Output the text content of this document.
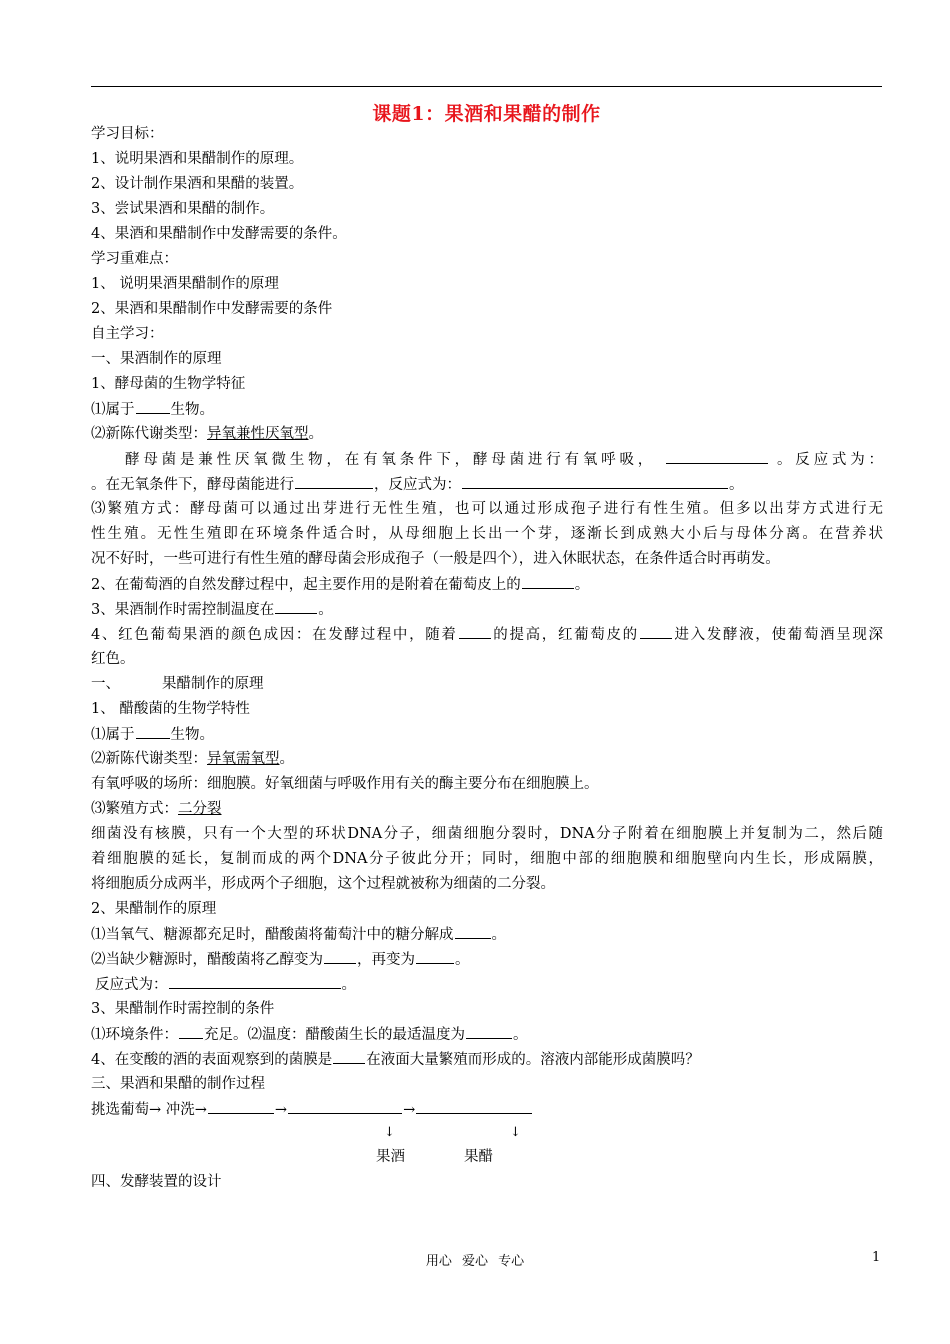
课题1：果酒和果醋的制作
学习目标：
1、说明果酒和果醋制作的原理。
2、设计制作果酒和果醋的装置。
3、尝试果酒和果醋的制作。
4、果酒和果醋制作中发酵需要的条件。
学习重难点：
1、 说明果酒果醋制作的原理
2、果酒和果醋制作中发酵需要的条件
自主学习：
一、果酒制作的原理
1、酵母菌的生物学特征
⑴属于 生物。
⑵新陈代谢类型：异氧兼性厌氧型。
酵母菌是兼性厌氧微生物，在有氧条件下，酵母菌进行有氧呼吸，	。反应式为：
。在无氧条件下，酵母菌能进行	，反应式为：	。
⑶繁殖方式：酵母菌可以通过出芽进行无性生殖，也可以通过形成孢子进行有性生殖。但多以出芽方式进行无
性生殖。无性生殖即在环境条件适合时，从母细胞上长出一个芽，逐渐长到成熟大小后与母体分离。在营养状
况不好时，一些可进行有性生殖的酵母菌会形成孢子（一般是四个），进入休眠状态，在条件适合时再萌发。
2、在葡萄酒的自然发酵过程中，起主要作用的是附着在葡萄皮上的	。
3、果酒制作时需控制温度在	。
4、红色葡萄果酒的颜色成因：在发酵过程中，随着 的提高，红葡萄皮的 进入发酵液，使葡萄酒呈现深
红色。
一、	果醋制作的原理
1、 醋酸菌的生物学特性
⑴属于 生物。
⑵新陈代谢类型：异氧需氧型。
有氧呼吸的场所：细胞膜。好氧细菌与呼吸作用有关的酶主要分布在细胞膜上。
⑶繁殖方式：二分裂
细菌没有核膜，只有一个大型的环状DNA分子，细菌细胞分裂时，DNA分子附着在细胞膜上并复制为二，然后随
着细胞膜的延长，复制而成的两个DNA分子彼此分开；同时，细胞中部的细胞膜和细胞壁向内生长，形成隔膜，
将细胞质分成两半，形成两个子细胞，这个过程就被称为细菌的二分裂。
2、果醋制作的原理
⑴当氧气、糖源都充足时，醋酸菌将葡萄汁中的糖分解成	。
⑵当缺少糖源时，醋酸菌将乙醇变为 ，再变为	。
反应式为：	。
3、果醋制作时需控制的条件
⑴环境条件： 充足。⑵温度：醋酸菌生长的最适温度为	。
4、在变酸的酒的表面观察到的菌膜是 在液面大量繁殖而形成的。溶液内部能形成菌膜吗？
三、果酒和果醋的制作过程
挑选葡萄→ 冲洗→	→	→
↓	↓
果酒	果醋
四、发酵装置的设计
用心 爱心 专心	1
